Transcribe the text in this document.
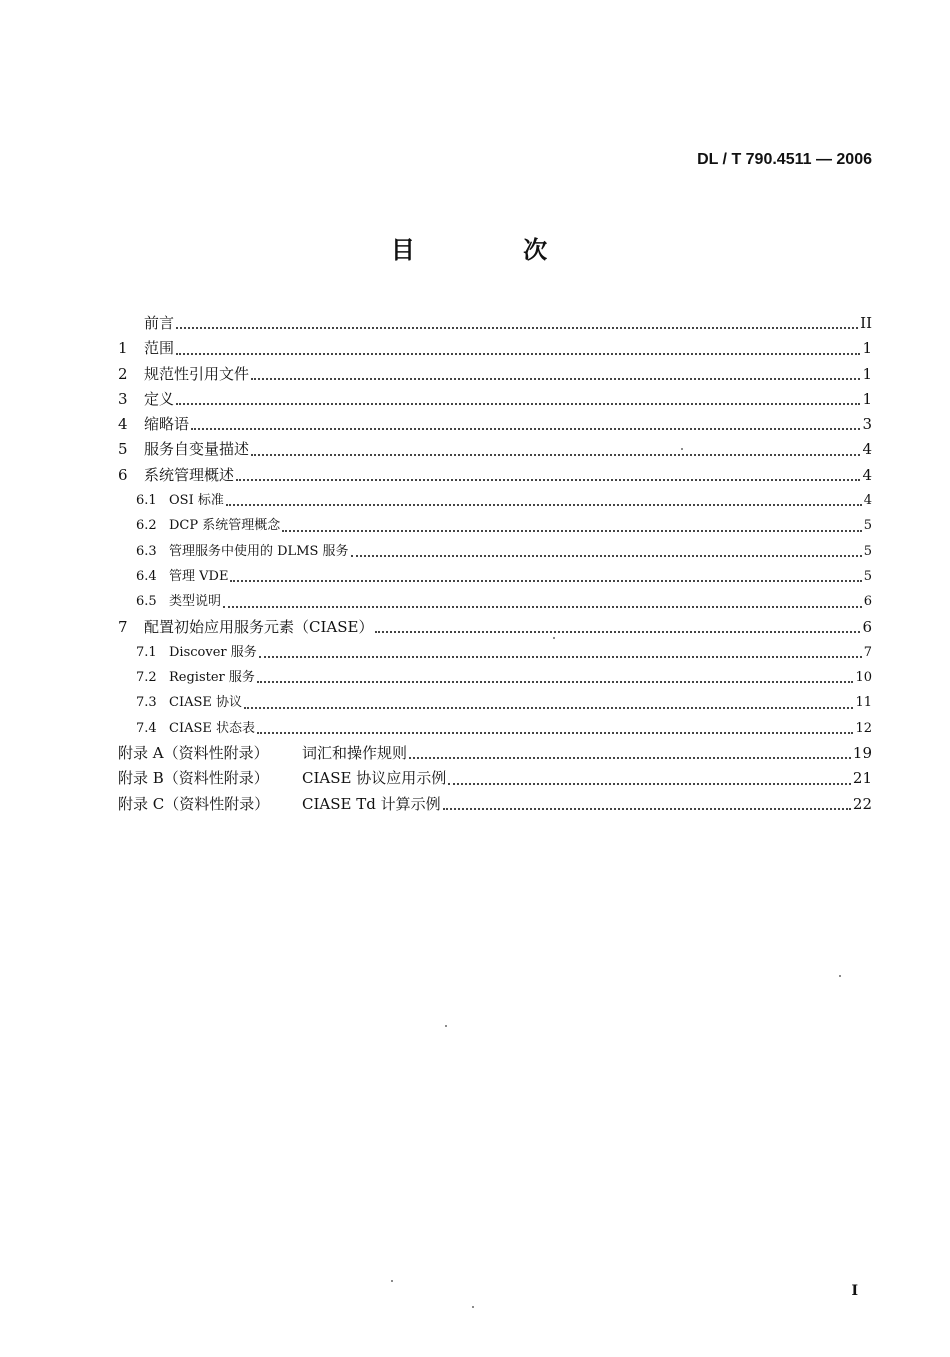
DL / T 790.4511 — 2006
目 次
前言	II
1	范围	1
2	规范性引用文件	1
3	定义	1
4	缩略语	3
5	服务自变量描述	4
6	系统管理概述	4
6.1 OSI 标准	4
6.2 DCP 系统管理概念	5
6.3 管理服务中使用的 DLMS 服务	5
6.4 管理 VDE	5
6.5 类型说明	6
7	配置初始应用服务元素（CIASE）	6
7.1 Discover 服务	7
7.2 Register 服务	10
7.3 CIASE 协议	11
7.4 CIASE 状态表	12
附录 A（资料性附录）	词汇和操作规则	19
附录 B（资料性附录）	CIASE 协议应用示例	21
附录 C（资料性附录）	CIASE Td 计算示例	22
I
